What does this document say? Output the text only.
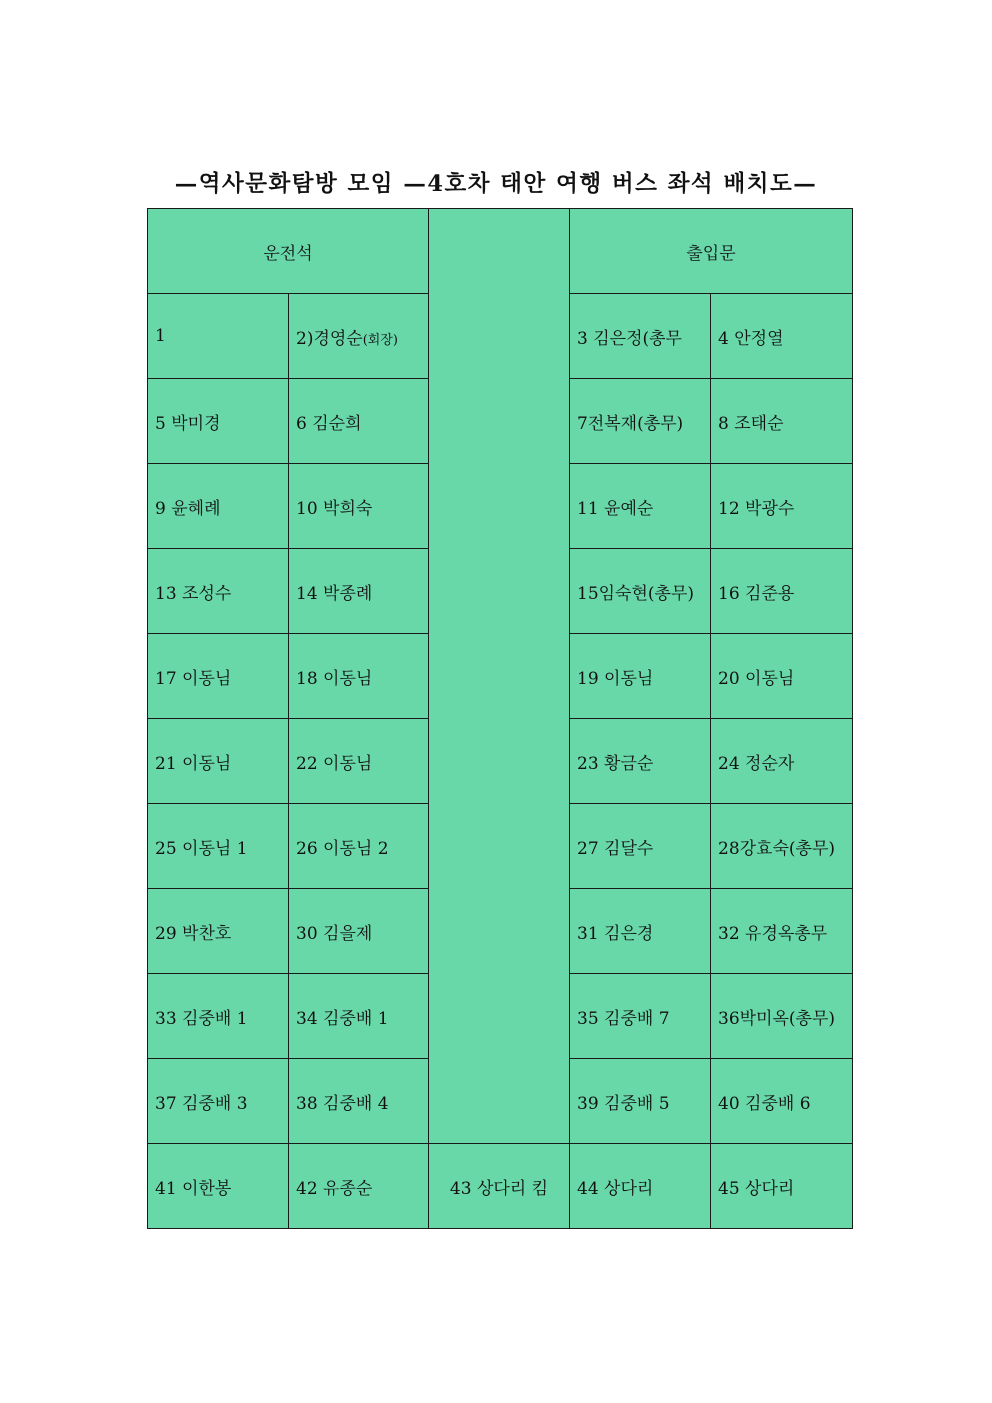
—역사문화탐방 모임 —4호차 태안 여행 버스 좌석 배치도—
운전석			출입문	
1	2)경영순(회장)		3 김은정(총무	4 안정열
5 박미경	6 김순희		7전복재(총무)	8 조태순
9 윤혜례	10 박희숙		11 윤예순	12 박광수
13 조성수	14 박종례		15임숙현(총무)	16 김준용
17 이동님	18 이동님		19 이동님	20 이동님
21 이동님	22 이동님		23 황금순	24 정순자
25 이동님 1	26 이동님 2		27 김달수	28강효숙(총무)
29 박찬호	30 김을제		31 김은경	32 유경옥총무
33 김중배 1	34 김중배 1		35 김중배 7	36박미옥(총무)
37 김중배 3	38 김중배 4		39 김중배 5	40 김중배 6
41 이한봉	42 유종순	43 상다리 킴	44 상다리	45 상다리
